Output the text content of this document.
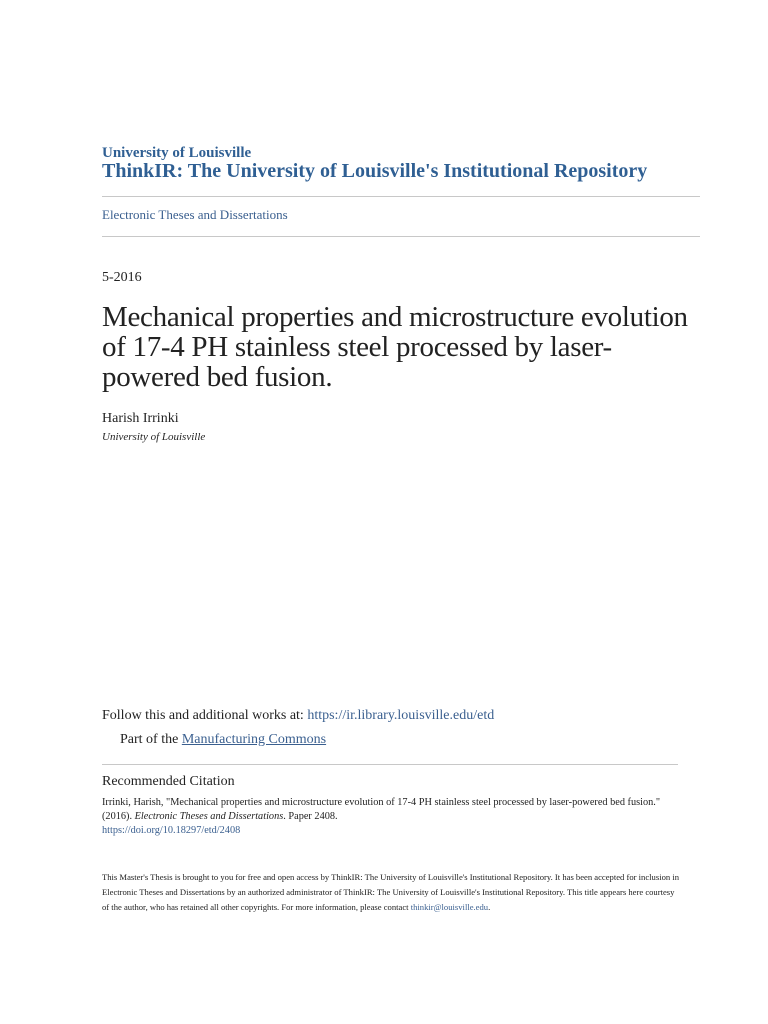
University of Louisville
ThinkIR: The University of Louisville's Institutional Repository
Electronic Theses and Dissertations
5-2016
Mechanical properties and microstructure evolution of 17-4 PH stainless steel processed by laser-powered bed fusion.
Harish Irrinki
University of Louisville
Follow this and additional works at: https://ir.library.louisville.edu/etd
Part of the Manufacturing Commons
Recommended Citation
Irrinki, Harish, "Mechanical properties and microstructure evolution of 17-4 PH stainless steel processed by laser-powered bed fusion." (2016). Electronic Theses and Dissertations. Paper 2408.
https://doi.org/10.18297/etd/2408
This Master's Thesis is brought to you for free and open access by ThinkIR: The University of Louisville's Institutional Repository. It has been accepted for inclusion in Electronic Theses and Dissertations by an authorized administrator of ThinkIR: The University of Louisville's Institutional Repository. This title appears here courtesy of the author, who has retained all other copyrights. For more information, please contact thinkir@louisville.edu.
